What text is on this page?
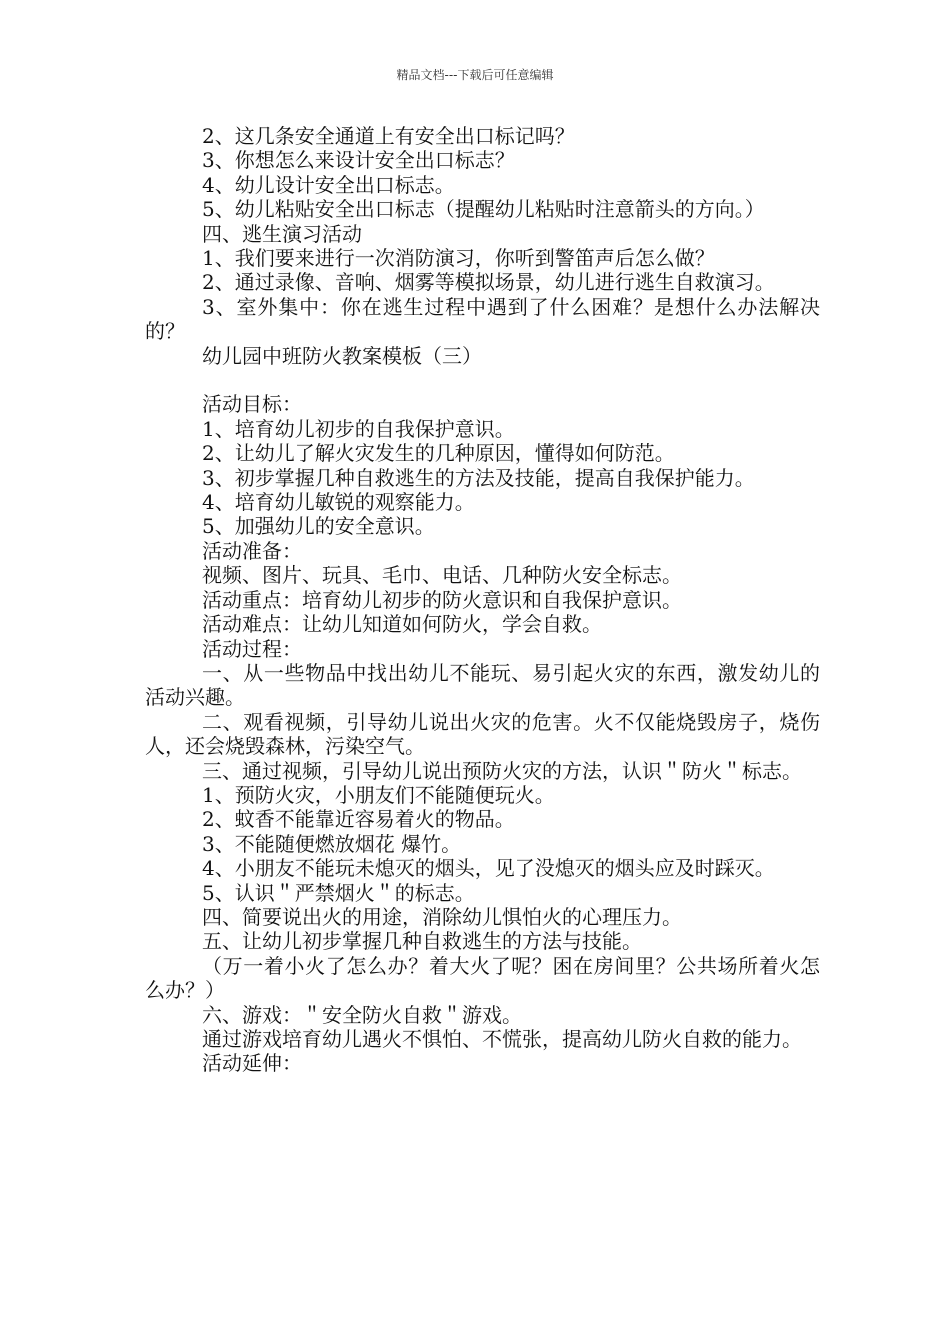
精品文档---下载后可任意编辑

2、这几条安全通道上有安全出口标记吗？

3、你想怎么来设计安全出口标志？

4、幼儿设计安全出口标志。

5、幼儿粘贴安全出口标志（提醒幼儿粘贴时注意箭头的方向。）

四、逃生演习活动

1、我们要来进行一次消防演习，你听到警笛声后怎么做？

2、通过录像、音响、烟雾等模拟场景，幼儿进行逃生自救演习。

3、室外集中：你在逃生过程中遇到了什么困难？是想什么办法解决的？

幼儿园中班防火教案模板（三）

活动目标：

1、培育幼儿初步的自我保护意识。

2、让幼儿了解火灾发生的几种原因，懂得如何防范。

3、初步掌握几种自救逃生的方法及技能，提高自我保护能力。

4、培育幼儿敏锐的观察能力。

5、加强幼儿的安全意识。

活动准备：

视频、图片、玩具、毛巾、电话、几种防火安全标志。

活动重点：培育幼儿初步的防火意识和自我保护意识。

活动难点：让幼儿知道如何防火，学会自救。

活动过程：

一、从一些物品中找出幼儿不能玩、易引起火灾的东西，激发幼儿的活动兴趣。

二、观看视频，引导幼儿说出火灾的危害。火不仅能烧毁房子，烧伤人，还会烧毁森林，污染空气。

三、通过视频，引导幼儿说出预防火灾的方法，认识＂防火＂标志。

1、预防火灾，小朋友们不能随便玩火。

2、蚊香不能靠近容易着火的物品。

3、不能随便燃放烟花 爆竹。

4、小朋友不能玩未熄灭的烟头，见了没熄灭的烟头应及时踩灭。

5、认识＂严禁烟火＂的标志。

四、简要说出火的用途，消除幼儿惧怕火的心理压力。

五、让幼儿初步掌握几种自救逃生的方法与技能。

（万一着小火了怎么办？着大火了呢？困在房间里？公共场所着火怎么办？）

六、游戏：＂安全防火自救＂游戏。

通过游戏培育幼儿遇火不惧怕、不慌张，提高幼儿防火自救的能力。

活动延伸：
